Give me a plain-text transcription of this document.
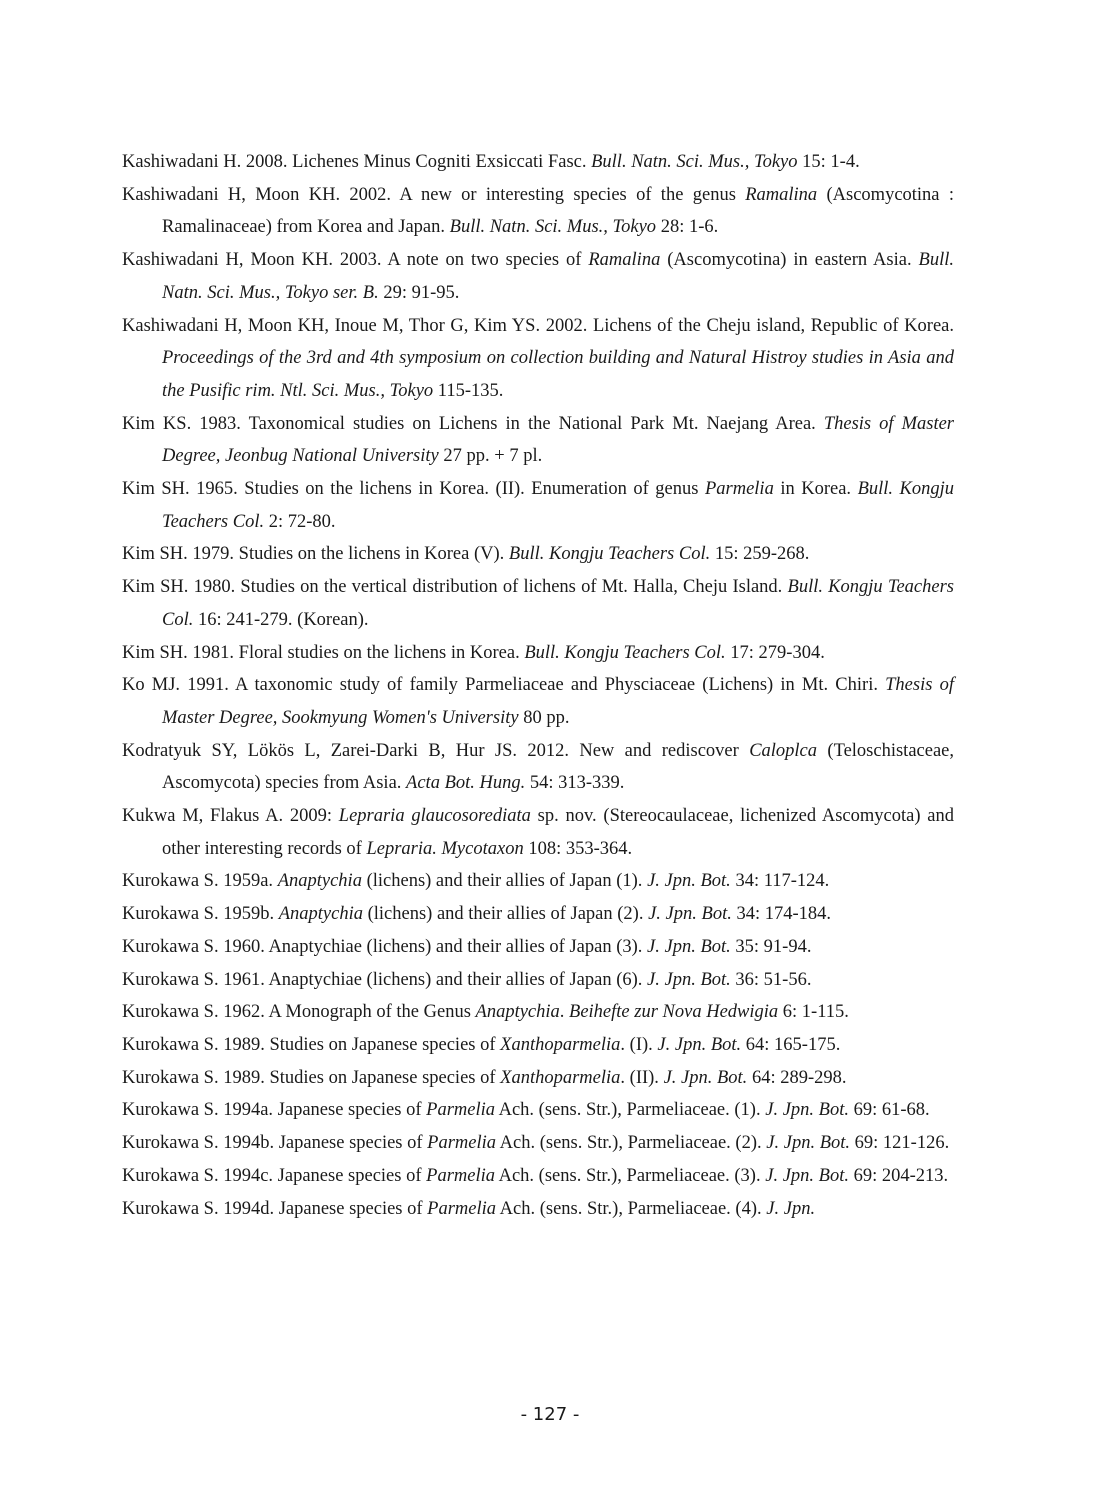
Kashiwadani H. 2008. Lichenes Minus Cogniti Exsiccati Fasc. Bull. Natn. Sci. Mus., Tokyo 15: 1-4.
Kashiwadani H, Moon KH. 2002. A new or interesting species of the genus Ramalina (Ascomycotina : Ramalinaceae) from Korea and Japan. Bull. Natn. Sci. Mus., Tokyo 28: 1-6.
Kashiwadani H, Moon KH. 2003. A note on two species of Ramalina (Ascomycotina) in eastern Asia. Bull. Natn. Sci. Mus., Tokyo ser. B. 29: 91-95.
Kashiwadani H, Moon KH, Inoue M, Thor G, Kim YS. 2002. Lichens of the Cheju island, Republic of Korea. Proceedings of the 3rd and 4th symposium on collection building and Natural Histroy studies in Asia and the Pusific rim. Ntl. Sci. Mus., Tokyo 115-135.
Kim KS. 1983. Taxonomical studies on Lichens in the National Park Mt. Naejang Area. Thesis of Master Degree, Jeonbug National University 27 pp. + 7 pl.
Kim SH. 1965. Studies on the lichens in Korea. (II). Enumeration of genus Parmelia in Korea. Bull. Kongju Teachers Col. 2: 72-80.
Kim SH. 1979. Studies on the lichens in Korea (V). Bull. Kongju Teachers Col. 15: 259-268.
Kim SH. 1980. Studies on the vertical distribution of lichens of Mt. Halla, Cheju Island. Bull. Kongju Teachers Col. 16: 241-279. (Korean).
Kim SH. 1981. Floral studies on the lichens in Korea. Bull. Kongju Teachers Col. 17: 279-304.
Ko MJ. 1991. A taxonomic study of family Parmeliaceae and Physciaceae (Lichens) in Mt. Chiri. Thesis of Master Degree, Sookmyung Women's University 80 pp.
Kodratyuk SY, Lökös L, Zarei-Darki B, Hur JS. 2012. New and rediscover Caloplca (Teloschistaceae, Ascomycota) species from Asia. Acta Bot. Hung. 54: 313-339.
Kukwa M, Flakus A. 2009: Lepraria glaucosorediata sp. nov. (Stereocaulaceae, lichenized Ascomycota) and other interesting records of Lepraria. Mycotaxon 108: 353-364.
Kurokawa S. 1959a. Anaptychia (lichens) and their allies of Japan (1). J. Jpn. Bot. 34: 117-124.
Kurokawa S. 1959b. Anaptychia (lichens) and their allies of Japan (2). J. Jpn. Bot. 34: 174-184.
Kurokawa S. 1960. Anaptychiae (lichens) and their allies of Japan (3). J. Jpn. Bot. 35: 91-94.
Kurokawa S. 1961. Anaptychiae (lichens) and their allies of Japan (6). J. Jpn. Bot. 36: 51-56.
Kurokawa S. 1962. A Monograph of the Genus Anaptychia. Beihefte zur Nova Hedwigia 6: 1-115.
Kurokawa S. 1989. Studies on Japanese species of Xanthoparmelia. (I). J. Jpn. Bot. 64: 165-175.
Kurokawa S. 1989. Studies on Japanese species of Xanthoparmelia. (II). J. Jpn. Bot. 64: 289-298.
Kurokawa S. 1994a. Japanese species of Parmelia Ach. (sens. Str.), Parmeliaceae. (1). J. Jpn. Bot. 69: 61-68.
Kurokawa S. 1994b. Japanese species of Parmelia Ach. (sens. Str.), Parmeliaceae. (2). J. Jpn. Bot. 69: 121-126.
Kurokawa S. 1994c. Japanese species of Parmelia Ach. (sens. Str.), Parmeliaceae. (3). J. Jpn. Bot. 69: 204-213.
Kurokawa S. 1994d. Japanese species of Parmelia Ach. (sens. Str.), Parmeliaceae. (4). J. Jpn.
- 127 -
